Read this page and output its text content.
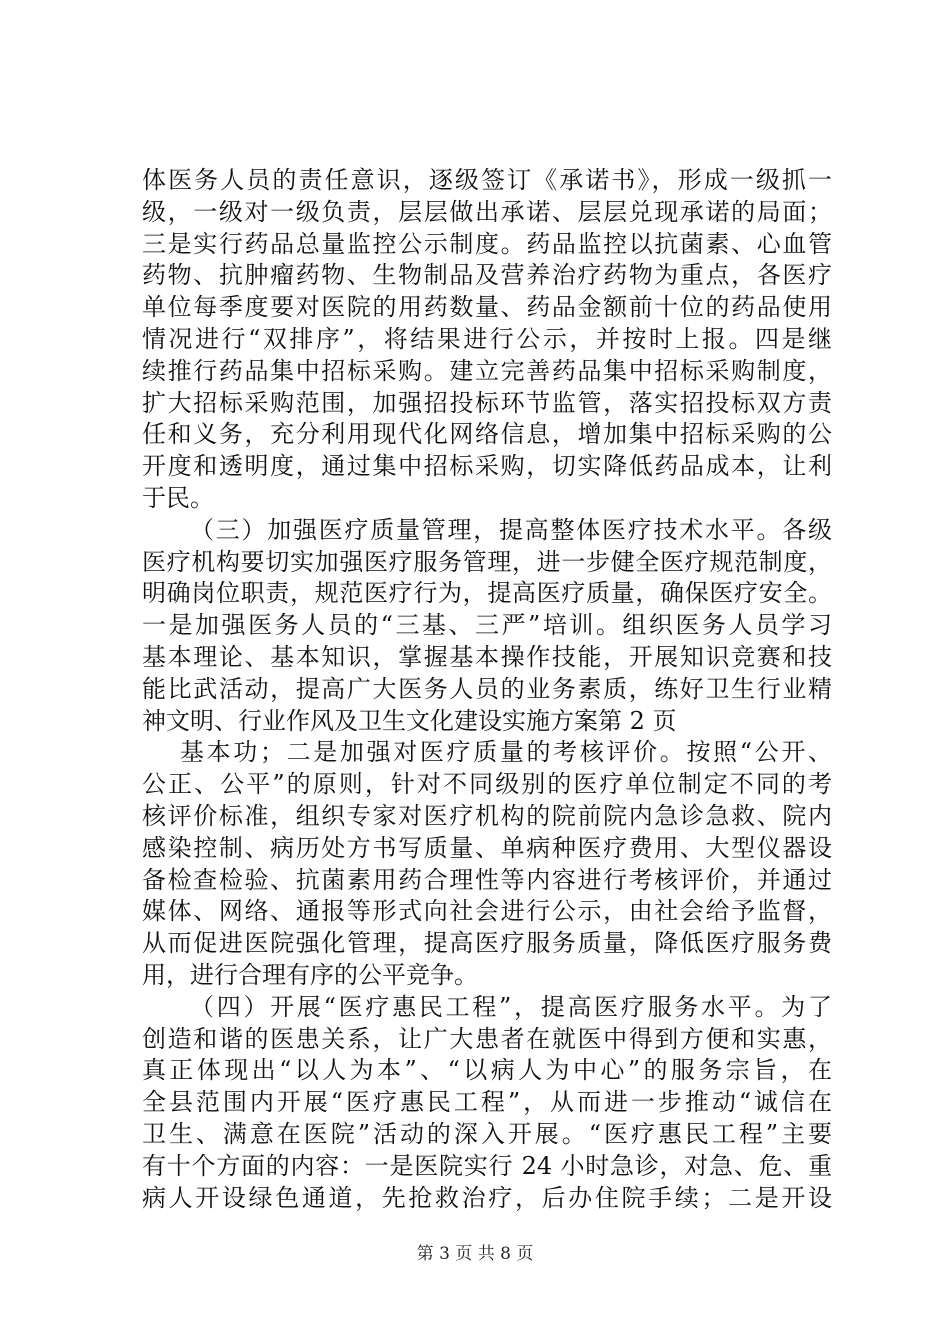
体医务人员的责任意识，逐级签订《承诺书》，形成一级抓一
级，一级对一级负责，层层做出承诺、层层兑现承诺的局面；
三是实行药品总量监控公示制度。药品监控以抗菌素、心血管
药物、抗肿瘤药物、生物制品及营养治疗药物为重点，各医疗
单位每季度要对医院的用药数量、药品金额前十位的药品使用
情况进行“双排序”，将结果进行公示，并按时上报。四是继
续推行药品集中招标采购。建立完善药品集中招标采购制度，
扩大招标采购范围，加强招投标环节监管，落实招投标双方责
任和义务，充分利用现代化网络信息，增加集中招标采购的公
开度和透明度，通过集中招标采购，切实降低药品成本，让利
于民。
（三）加强医疗质量管理，提高整体医疗技术水平。各级
医疗机构要切实加强医疗服务管理，进一步健全医疗规范制度，
明确岗位职责，规范医疗行为，提高医疗质量，确保医疗安全。
一是加强医务人员的“三基、三严”培训。组织医务人员学习
基本理论、基本知识，掌握基本操作技能，开展知识竞赛和技
能比武活动，提高广大医务人员的业务素质，练好卫生行业精
神文明、行业作风及卫生文化建设实施方案第 2 页
基本功；二是加强对医疗质量的考核评价。按照“公开、
公正、公平”的原则，针对不同级别的医疗单位制定不同的考
核评价标准，组织专家对医疗机构的院前院内急诊急救、院内
感染控制、病历处方书写质量、单病种医疗费用、大型仪器设
备检查检验、抗菌素用药合理性等内容进行考核评价，并通过
媒体、网络、通报等形式向社会进行公示，由社会给予监督，
从而促进医院强化管理，提高医疗服务质量，降低医疗服务费
用，进行合理有序的公平竞争。
（四）开展“医疗惠民工程”，提高医疗服务水平。为了
创造和谐的医患关系，让广大患者在就医中得到方便和实惠，
真正体现出“以人为本”、“以病人为中心”的服务宗旨，在
全县范围内开展“医疗惠民工程”，从而进一步推动“诚信在
卫生、满意在医院”活动的深入开展。“医疗惠民工程”主要
有十个方面的内容：一是医院实行 24 小时急诊，对急、危、重
病人开设绿色通道，先抢救治疗，后办住院手续；二是开设
第 3 页 共 8 页
